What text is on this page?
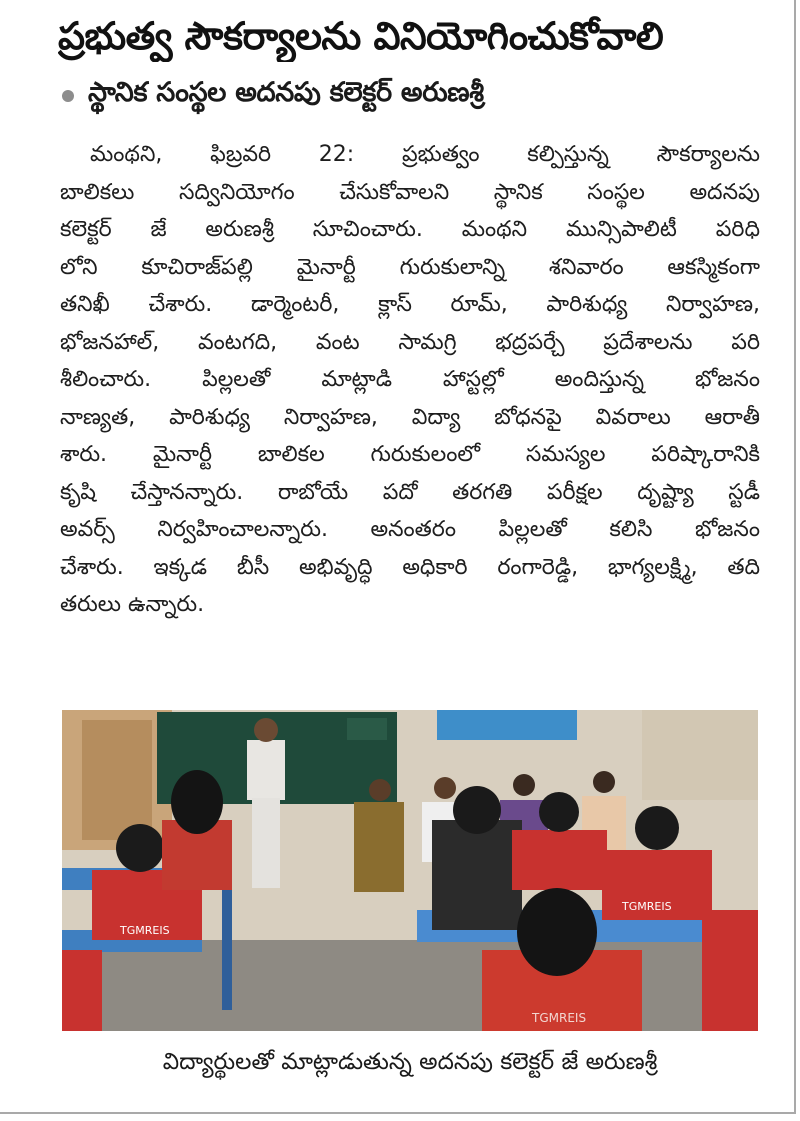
ప్రభుత్వ సౌకర్యాలను వినియోగించుకోవాలి
స్థానిక సంస్థల అదనపు కలెక్టర్ అరుణశ్రీ
మంథని, ఫిబ్రవరి 22: ప్రభుత్వం కల్పిస్తున్న సౌకర్యాలను
బాలికలు సద్వినియోగం చేసుకోవాలని స్థానిక సంస్థల అదనపు
కలెక్టర్ జే అరుణశ్రీ సూచించారు. మంథని మున్సిపాలిటీ పరిధి
లోని కూచిరాజ్‌పల్లి మైనార్టీ గురుకులాన్ని శనివారం ఆకస్మికంగా
తనిఖీ చేశారు. డార్మెంటరీ, క్లాస్ రూమ్, పారిశుధ్య నిర్వాహణ,
భోజనహాల్, వంటగది, వంట సామగ్రి భద్రపర్చే ప్రదేశాలను పరి
శీలించారు. పిల్లలతో మాట్లాడి హాస్టల్లో అందిస్తున్న భోజనం
నాణ్యత, పారిశుధ్య నిర్వాహణ, విద్యా బోధనపై వివరాలు ఆరాతీ
శారు. మైనార్టీ బాలికల గురుకులంలో సమస్యల పరిష్కారానికి
కృషి చేస్తానన్నారు. రాబోయే పదో తరగతి పరీక్షల దృష్ట్యా స్టడీ
అవర్స్ నిర్వహించాలన్నారు. అనంతరం పిల్లలతో కలిసి భోజనం
చేశారు. ఇక్కడ బీసీ అభివృద్ధి అధికారి రంగారెడ్డి, భాగ్యలక్ష్మి, తది
తరులు ఉన్నారు.
TGMREIS
TGMREIS
TGMREIS
విద్యార్థులతో మాట్లాడుతున్న అదనపు కలెక్టర్ జే అరుణశ్రీ
